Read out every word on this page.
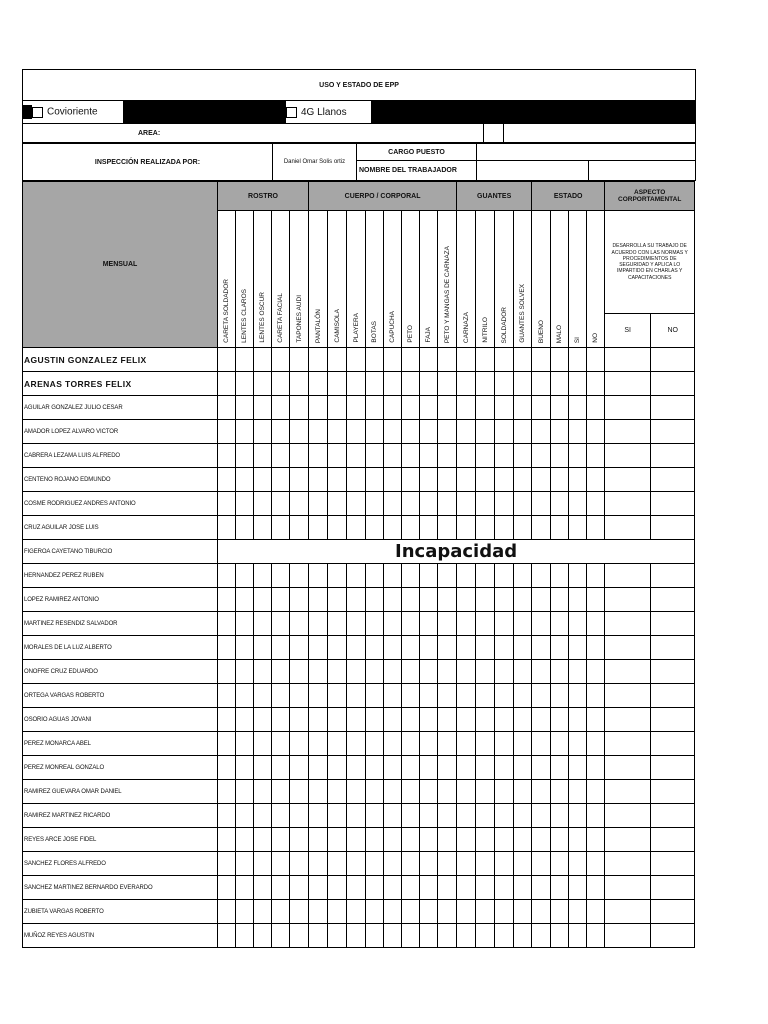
USO Y ESTADO DE EPP								
Covioriente				4G Llanos				
AREA:								
INSPECCIÓN REALIZADA POR:	Daniel Omar Solis ortiz	CARGO PUESTO		
		NOMBRE DEL TRABAJADOR		
MENSUAL	ROSTRO					CUERPO / CORPORAL								GUANTES				ESTADO				ASPECTO CORPORTAMENTAL	

	CARETA SOLDADOR	LENTES CLAROS	LENTES OSCUR	CARETA FACIAL	TAPONES AUDI	PANTALÓN	CAMISOLA	PLAYERA	BOTAS	CAPUCHA	PETO	FAJA	PETO Y MANGAS DE CARNAZA	CARNAZA	NITRILO	SOLDADOR	GUANTES SOLVEX	BUENO	MALO	SI	NO	DESARROLLA SU TRABAJO DE ACUERDO CON LAS NORMAS Y PROCEDIMIENTOS DE SEGURIDAD Y APLICA LO IMPARTIDO EN CHARLAS Y CAPACITACIONES	
																						SI	NO
AGUSTIN GONZALEZ FELIX																							
ARENAS TORRES FELIX																							
AGUILAR GONZALEZ JULIO CESAR																							
AMADOR LOPEZ ALVARO VICTOR																							
CABRERA LEZAMA LUIS ALFREDO																							
CENTENO ROJANO EDMUNDO																							
COSME RODRIGUEZ ANDRES ANTONIO																							
CRUZ AGUILAR JOSE LUIS																							
FIGEROA CAYETANO TIBURCIO	Incapacidad																						
HERNANDEZ PEREZ RUBEN																							
LOPEZ RAMIREZ ANTONIO																							
MARTINEZ RESENDIZ SALVADOR																							
MORALES DE LA LUZ ALBERTO																							
ONOFRE CRUZ EDUARDO																							
ORTEGA VARGAS ROBERTO																							
OSORIO AGUAS JOVANI																							
PEREZ MONARCA ABEL																							
PEREZ MONREAL GONZALO																							
RAMIREZ GUEVARA OMAR DANIEL																							
RAMIREZ MARTINEZ RICARDO																							
REYES ARCE JOSE FIDEL																							
SANCHEZ FLORES ALFREDO																							
SANCHEZ MARTINEZ BERNARDO EVERARDO																							
ZUBIETA VARGAS ROBERTO																							
MUÑOZ REYES AGUSTIN																							
